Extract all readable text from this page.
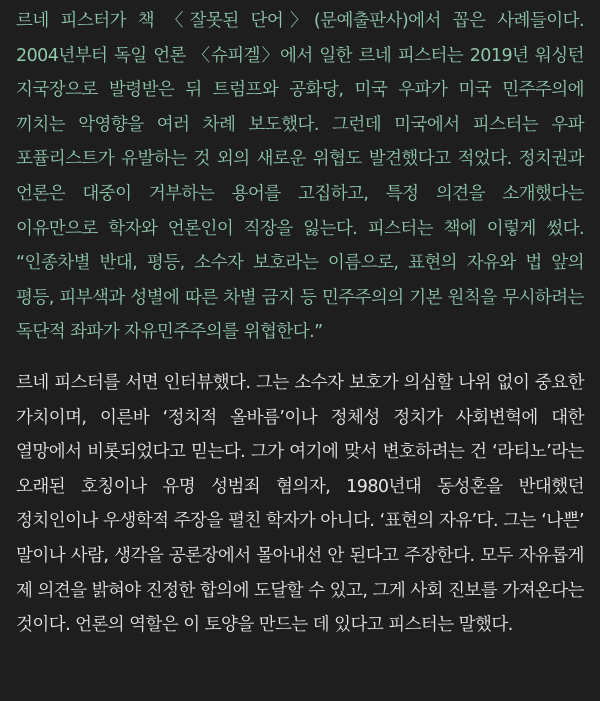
르네 피스터가 책 〈잘못된 단어〉(문예출판사)에서 꼽은 사례들이다. 2004년부터 독일 언론 〈슈피겔〉에서 일한 르네 피스터는 2019년 워싱턴 지국장으로 발령받은 뒤 트럼프와 공화당, 미국 우파가 미국 민주주의에 끼치는 악영향을 여러 차례 보도했다. 그런데 미국에서 피스터는 우파 포퓰리스트가 유발하는 것 외의 새로운 위협도 발견했다고 적었다. 정치권과 언론은 대중이 거부하는 용어를 고집하고, 특정 의견을 소개했다는 이유만으로 학자와 언론인이 직장을 잃는다. 피스터는 책에 이렇게 썼다. “인종차별 반대, 평등, 소수자 보호라는 이름으로, 표현의 자유와 법 앞의 평등, 피부색과 성별에 따른 차별 금지 등 민주주의의 기본 원칙을 무시하려는 독단적 좌파가 자유민주주의를 위협한다.”

르네 피스터를 서면 인터뷰했다. 그는 소수자 보호가 의심할 나위 없이 중요한 가치이며, 이른바 ‘정치적 올바름’이나 정체성 정치가 사회변혁에 대한 열망에서 비롯되었다고 믿는다. 그가 여기에 맞서 변호하려는 건 ‘라티노’라는 오래된 호칭이나 유명 성범죄 혐의자, 1980년대 동성혼을 반대했던 정치인이나 우생학적 주장을 펼친 학자가 아니다. ‘표현의 자유’다. 그는 ‘나쁜’ 말이나 사람, 생각을 공론장에서 몰아내선 안 된다고 주장한다. 모두 자유롭게 제 의견을 밝혀야 진정한 합의에 도달할 수 있고, 그게 사회 진보를 가져온다는 것이다. 언론의 역할은 이 토양을 만드는 데 있다고 피스터는 말했다.
